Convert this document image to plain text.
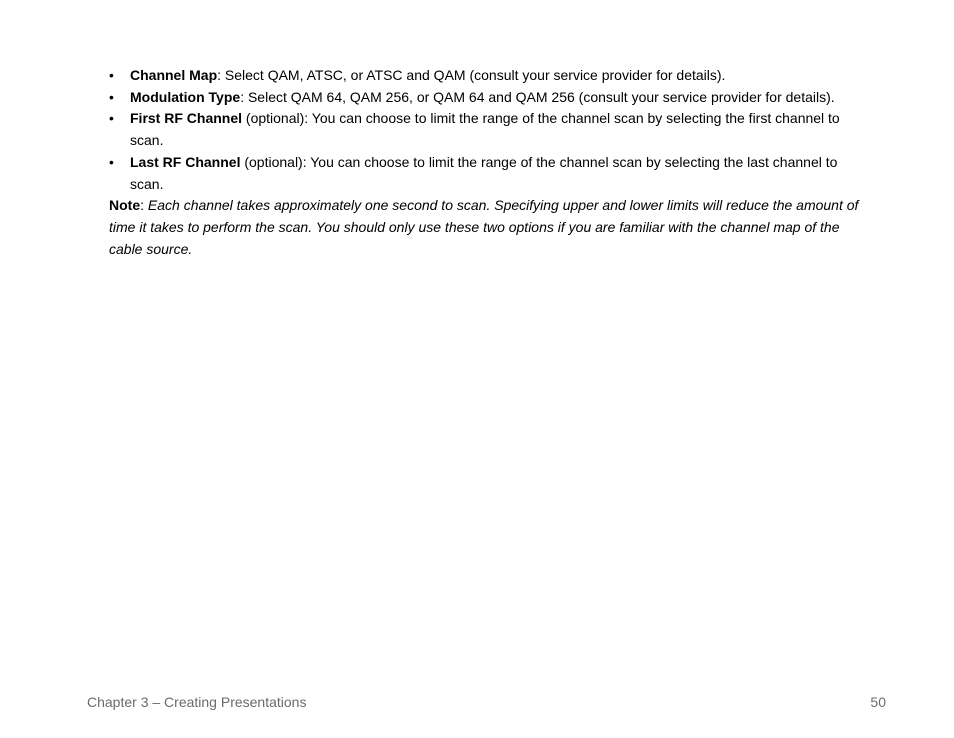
•	Channel Map: Select QAM, ATSC, or ATSC and QAM (consult your service provider for details).
•	Modulation Type: Select QAM 64, QAM 256, or QAM 64 and QAM 256 (consult your service provider for details).
•	First RF Channel (optional): You can choose to limit the range of the channel scan by selecting the first channel to scan.
•	Last RF Channel (optional): You can choose to limit the range of the channel scan by selecting the last channel to scan.

Note: Each channel takes approximately one second to scan. Specifying upper and lower limits will reduce the amount of time it takes to perform the scan. You should only use these two options if you are familiar with the channel map of the cable source.

Chapter 3 – Creating Presentations	50
